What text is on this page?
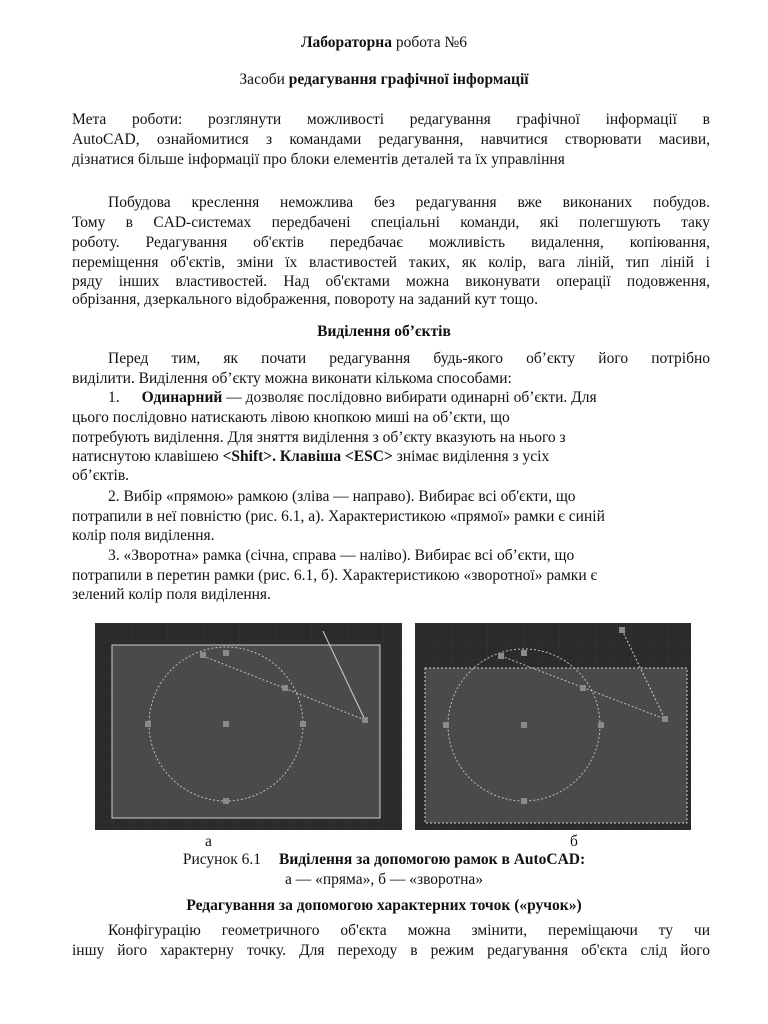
Лабораторна робота №6
Засоби редагування графічної інформації
Мета роботи: розглянути можливості редагування графічної інформації в
AutoCAD, ознайомитися з командами редагування, навчитися створювати масиви,
дізнатися більше інформації про блоки елементів деталей та їх управління
Побудова креслення неможлива без редагування вже виконаних побудов.
Тому в CAD-системах передбачені спеціальні команди, які полегшують таку
роботу. Редагування об'єктів передбачає можливість видалення, копіювання,
переміщення об'єктів, зміни їх властивостей таких, як колір, вага ліній, тип ліній і
ряду інших властивостей. Над об'єктами можна виконувати операції подовження,
обрізання, дзеркального відображення, повороту на заданий кут тощо.
Виділення об’єктів
Перед тим, як почати редагування будь-якого об’єкту його потрібно
виділити. Виділення об’єкту можна виконати кількома способами:
1. Одинарний — дозволяє послідовно вибирати одинарні об’єкти. Для
цього послідовно натискають лівою кнопкою миші на об’єкти, що
потребують виділення. Для зняття виділення з об’єкту вказують на нього з
натиснутою клавішею <Shift>. Клавіша <ESC> знімає виділення з усіх
об’єктів.
2. Вибір «прямою» рамкою (зліва — направо). Вибирає всі об'єкти, що
потрапили в неї повністю (рис. 6.1, а). Характеристикою «прямої» рамки є синій
колір поля виділення.
3. «Зворотна» рамка (січна, справа — наліво). Вибирає всі об’єкти, що
потрапили в перетин рамки (рис. 6.1, б). Характеристикою «зворотної» рамки є
зелений колір поля виділення.
а	б
Рисунок 6.1 Виділення за допомогою рамок в AutoCAD:
а — «пряма», б — «зворотна»
Редагування за допомогою характерних точок («ручок»)
Конфігурацію геометричного об'єкта можна змінити, переміщаючи ту чи
іншу його характерну точку. Для переходу в режим редагування об'єкта слід його
